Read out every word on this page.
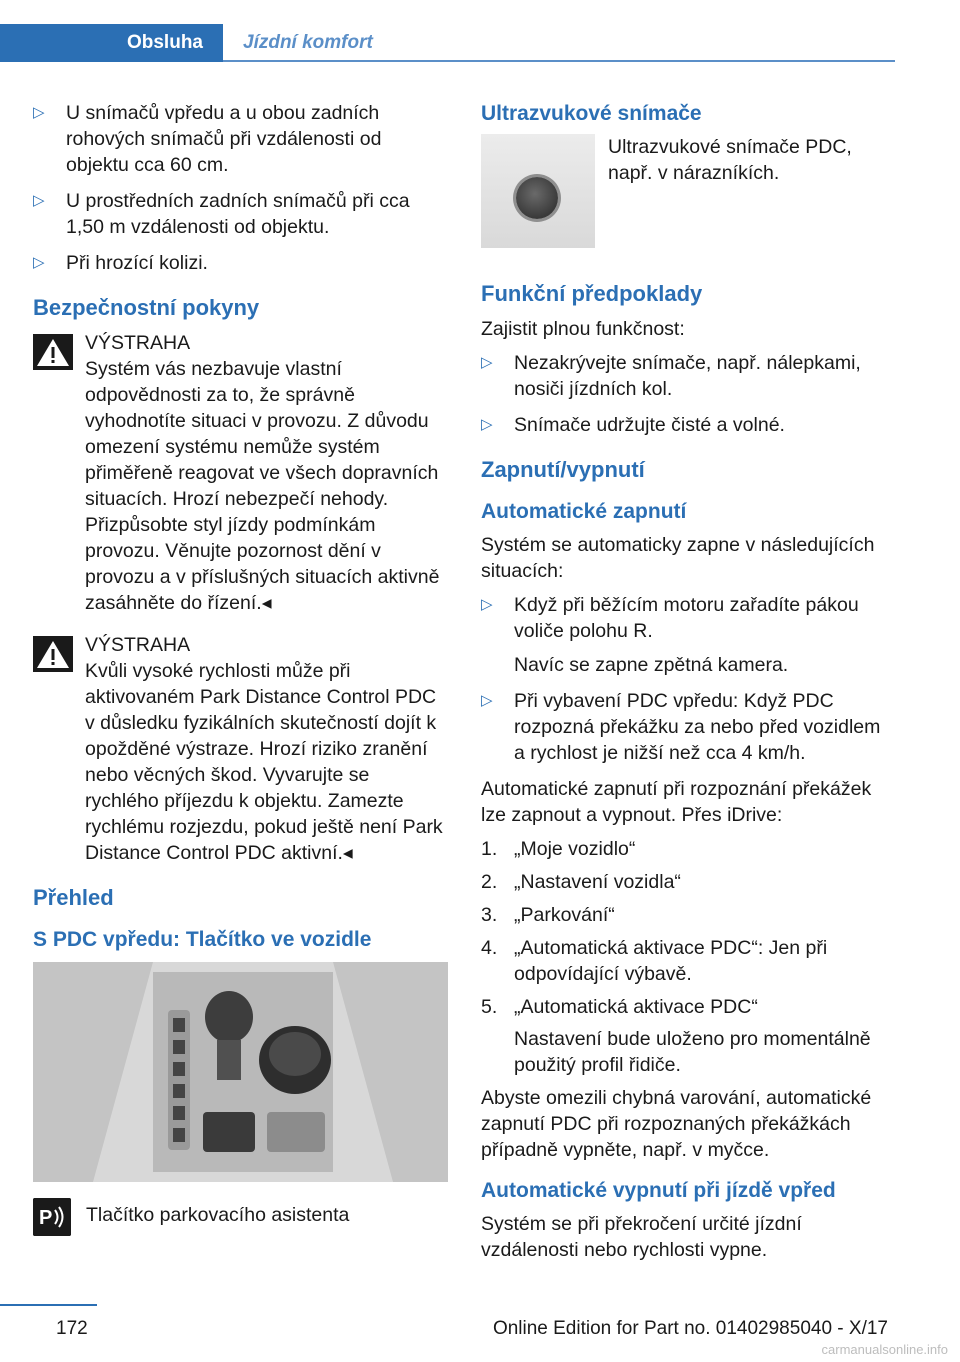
Obsluha	Jízdní komfort
▷ U snímačů vpředu a u obou zadních rohových snímačů při vzdálenosti od objektu cca 60 cm.
▷ U prostředních zadních snímačů při cca 1,50 m vzdálenosti od objektu.
▷ Při hrozící kolizi.
Bezpečnostní pokyny
VÝSTRAHA
Systém vás nezbavuje vlastní odpovědnosti za to, že správně vyhodnotíte situaci v provozu. Z důvodu omezení systému nemůže systém přiměřeně reagovat ve všech dopravních situacích. Hrozí nebezpečí nehody. Přizpůsobte styl jízdy podmínkám provozu. Věnujte pozornost dění v provozu a v příslušných situacích aktivně zasáhněte do řízení.◂
VÝSTRAHA
Kvůli vysoké rychlosti může při aktivovaném Park Distance Control PDC v důsledku fyzikálních skutečností dojít k opožděné výstraze. Hrozí riziko zranění nebo věcných škod. Vyvarujte se rychlého příjezdu k objektu. Zamezte rychlému rozjezdu, pokud ještě není Park Distance Control PDC aktivní.◂
Přehled
S PDC vpředu: Tlačítko ve vozidle
P Tlačítko parkovacího asistenta
Ultrazvukové snímače
Ultrazvukové snímače PDC, např. v nárazníkích.
Funkční předpoklady

Zajistit plnou funkčnost:

▷ Nezakrývejte snímače, např. nálepkami, nosiči jízdních kol.
▷ Snímače udržujte čisté a volné.
Zapnutí/vypnutí
Automatické zapnutí

Systém se automaticky zapne v následujících situacích:

▷ Když při běžícím motoru zařadíte pákou voliče polohu R.
Navíc se zapne zpětná kamera.
▷ Při vybavení PDC vpředu: Když PDC rozpozná překážku za nebo před vozidlem a rychlost je nižší než cca 4 km/h.

Automatické zapnutí při rozpoznání překážek lze zapnout a vypnout. Přes iDrive:

1. „Moje vozidlo“
2. „Nastavení vozidla“
3. „Parkování“
4. „Automatická aktivace PDC“: Jen při odpovídající výbavě.
5. „Automatická aktivace PDC“
Nastavení bude uloženo pro momentálně použitý profil řidiče.

Abyste omezili chybná varování, automatické zapnutí PDC při rozpoznaných překážkách případně vypněte, např. v myčce.

Automatické vypnutí při jízdě vpřed

Systém se při překročení určité jízdní vzdálenosti nebo rychlosti vypne.

172	Online Edition for Part no. 01402985040 - X/17
carmanualsonline.info
